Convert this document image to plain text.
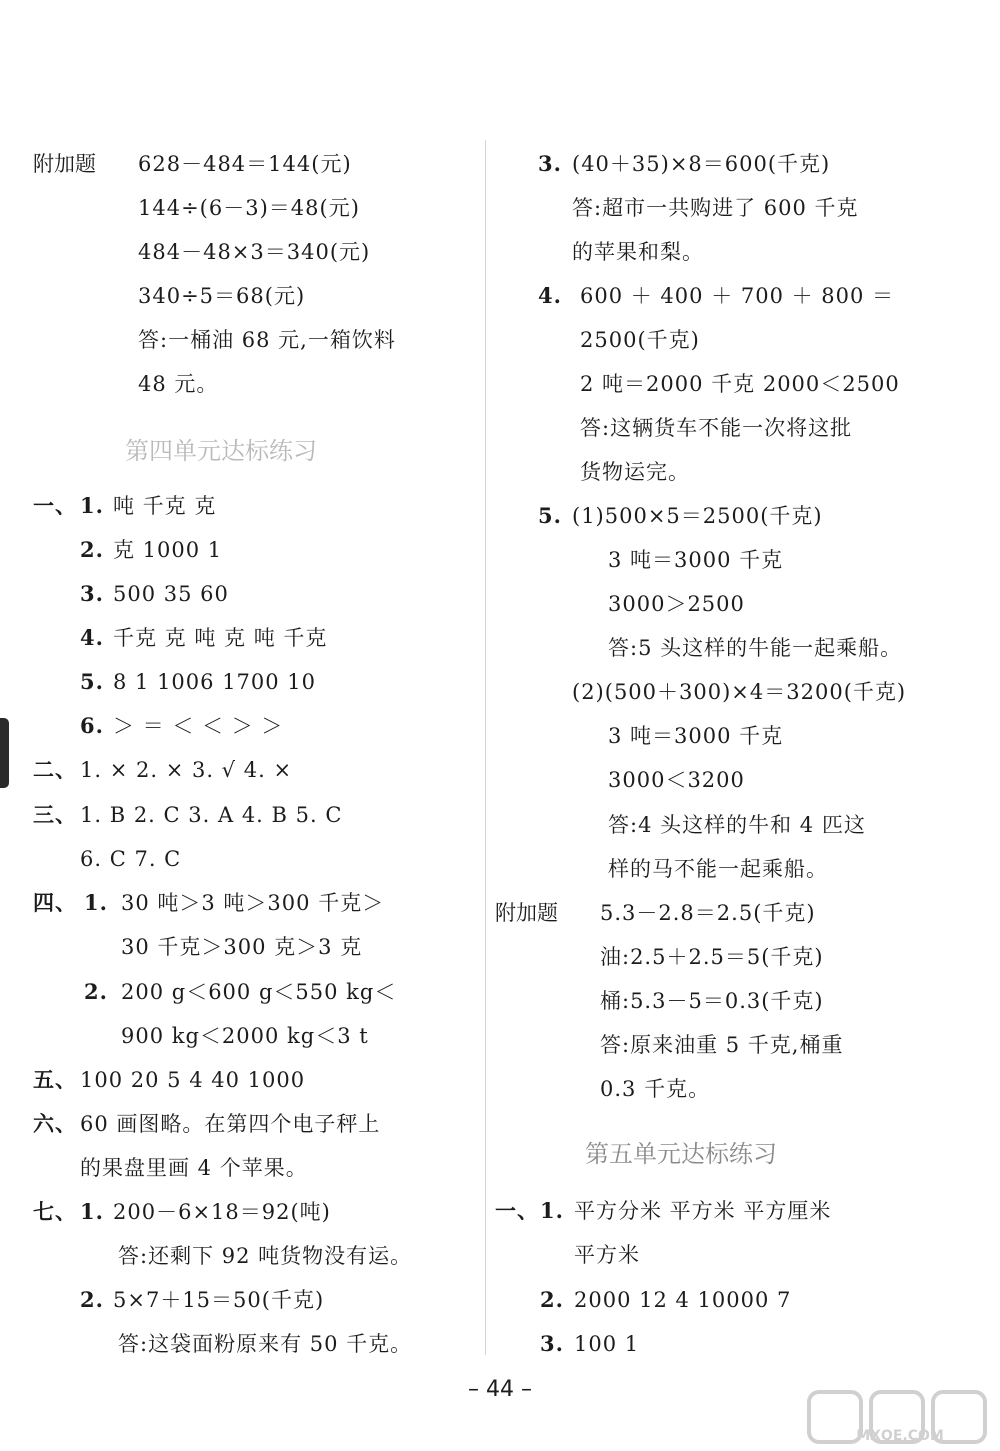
附加题 628－484＝144(元)
144÷(6－3)＝48(元)
484－48×3＝340(元)
340÷5＝68(元)
答:一桶油 68 元,一箱饮料
48 元。
第四单元达标练习
一、 1. 吨 千克 克
2. 克 1000 1
3. 500 35 60
4. 千克 克 吨 克 吨 千克
5. 8 1 1006 1700 10
6. ＞ ＝ ＜ ＜ ＞ ＞
二、 1. × 2. × 3. √ 4. ×
三、 1. B 2. C 3. A 4. B 5. C
6. C 7. C
四、 1. 30 吨＞3 吨＞300 千克＞
30 千克＞300 克＞3 克
2. 200 g＜600 g＜550 kg＜
900 kg＜2000 kg＜3 t
五、 100 20 5 4 40 1000
六、 60 画图略。在第四个电子秤上
的果盘里画 4 个苹果。
七、 1. 200－6×18＝92(吨)
答:还剩下 92 吨货物没有运。
2. 5×7＋15＝50(千克)
答:这袋面粉原来有 50 千克。
3. (40＋35)×8＝600(千克)
答:超市一共购进了 600 千克
的苹果和梨。
4. 600 ＋ 400 ＋ 700 ＋ 800 ＝
2500(千克)
2 吨＝2000 千克 2000＜2500
答:这辆货车不能一次将这批
货物运完。
5. (1)500×5＝2500(千克)
3 吨＝3000 千克
3000＞2500
答:5 头这样的牛能一起乘船。
(2)(500＋300)×4＝3200(千克)
3 吨＝3000 千克
3000＜3200
答:4 头这样的牛和 4 匹这
样的马不能一起乘船。
附加题 5.3－2.8＝2.5(千克)
油:2.5＋2.5＝5(千克)
桶:5.3－5＝0.3(千克)
答:原来油重 5 千克,桶重
0.3 千克。
第五单元达标练习
一、 1. 平方分米 平方米 平方厘米
平方米
2. 2000 12 4 10000 7
3. 100 1
– 44 –
MXQE.COM
